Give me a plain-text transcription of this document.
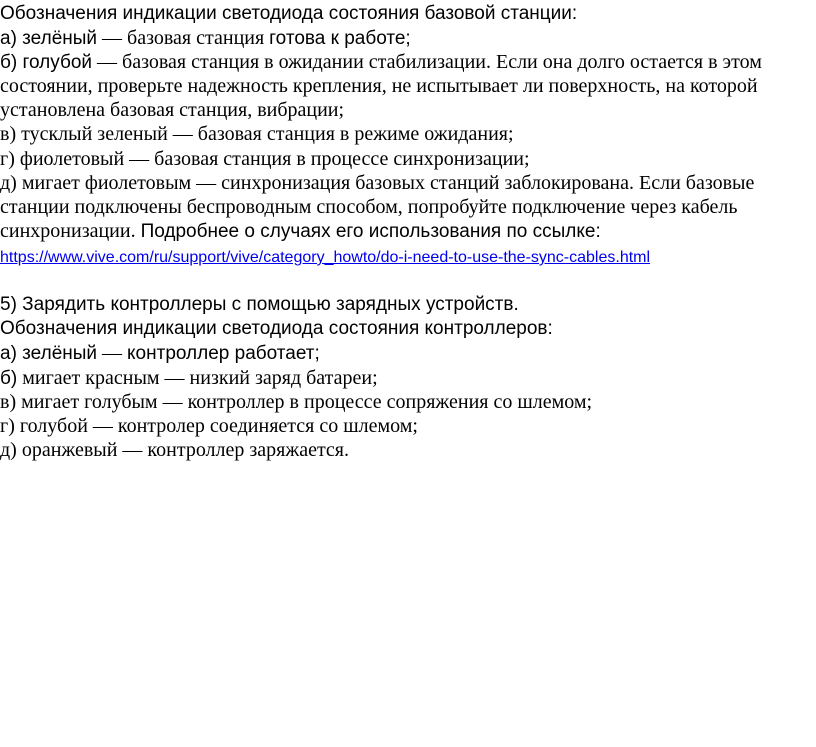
Обозначения индикации светодиода состояния базовой станции:
а) зелёный — базовая станция готова к работе;
б) голубой — базовая станция в ожидании стабилизации. Если она долго остается в этом
состоянии, проверьте надежность крепления, не испытывает ли поверхность, на которой
установлена базовая станция, вибрации;
в) тусклый зеленый — базовая станция в режиме ожидания;
г) фиолетовый — базовая станция в процессе синхронизации;
д) мигает фиолетовым — синхронизация базовых станций заблокирована. Если базовые
станции подключены беспроводным способом, попробуйте подключение через кабель
синхронизации. Подробнее о случаях его использования по ссылке:
https://www.vive.com/ru/support/vive/category_howto/do-i-need-to-use-the-sync-cables.html
5) Зарядить контроллеры с помощью зарядных устройств.
Обозначения индикации светодиода состояния контроллеров:
а) зелёный — контроллер работает;
б) мигает красным — низкий заряд батареи;
в) мигает голубым — контроллер в процессе сопряжения со шлемом;
г) голубой — контролер соединяется со шлемом;
д) оранжевый — контроллер заряжается.
